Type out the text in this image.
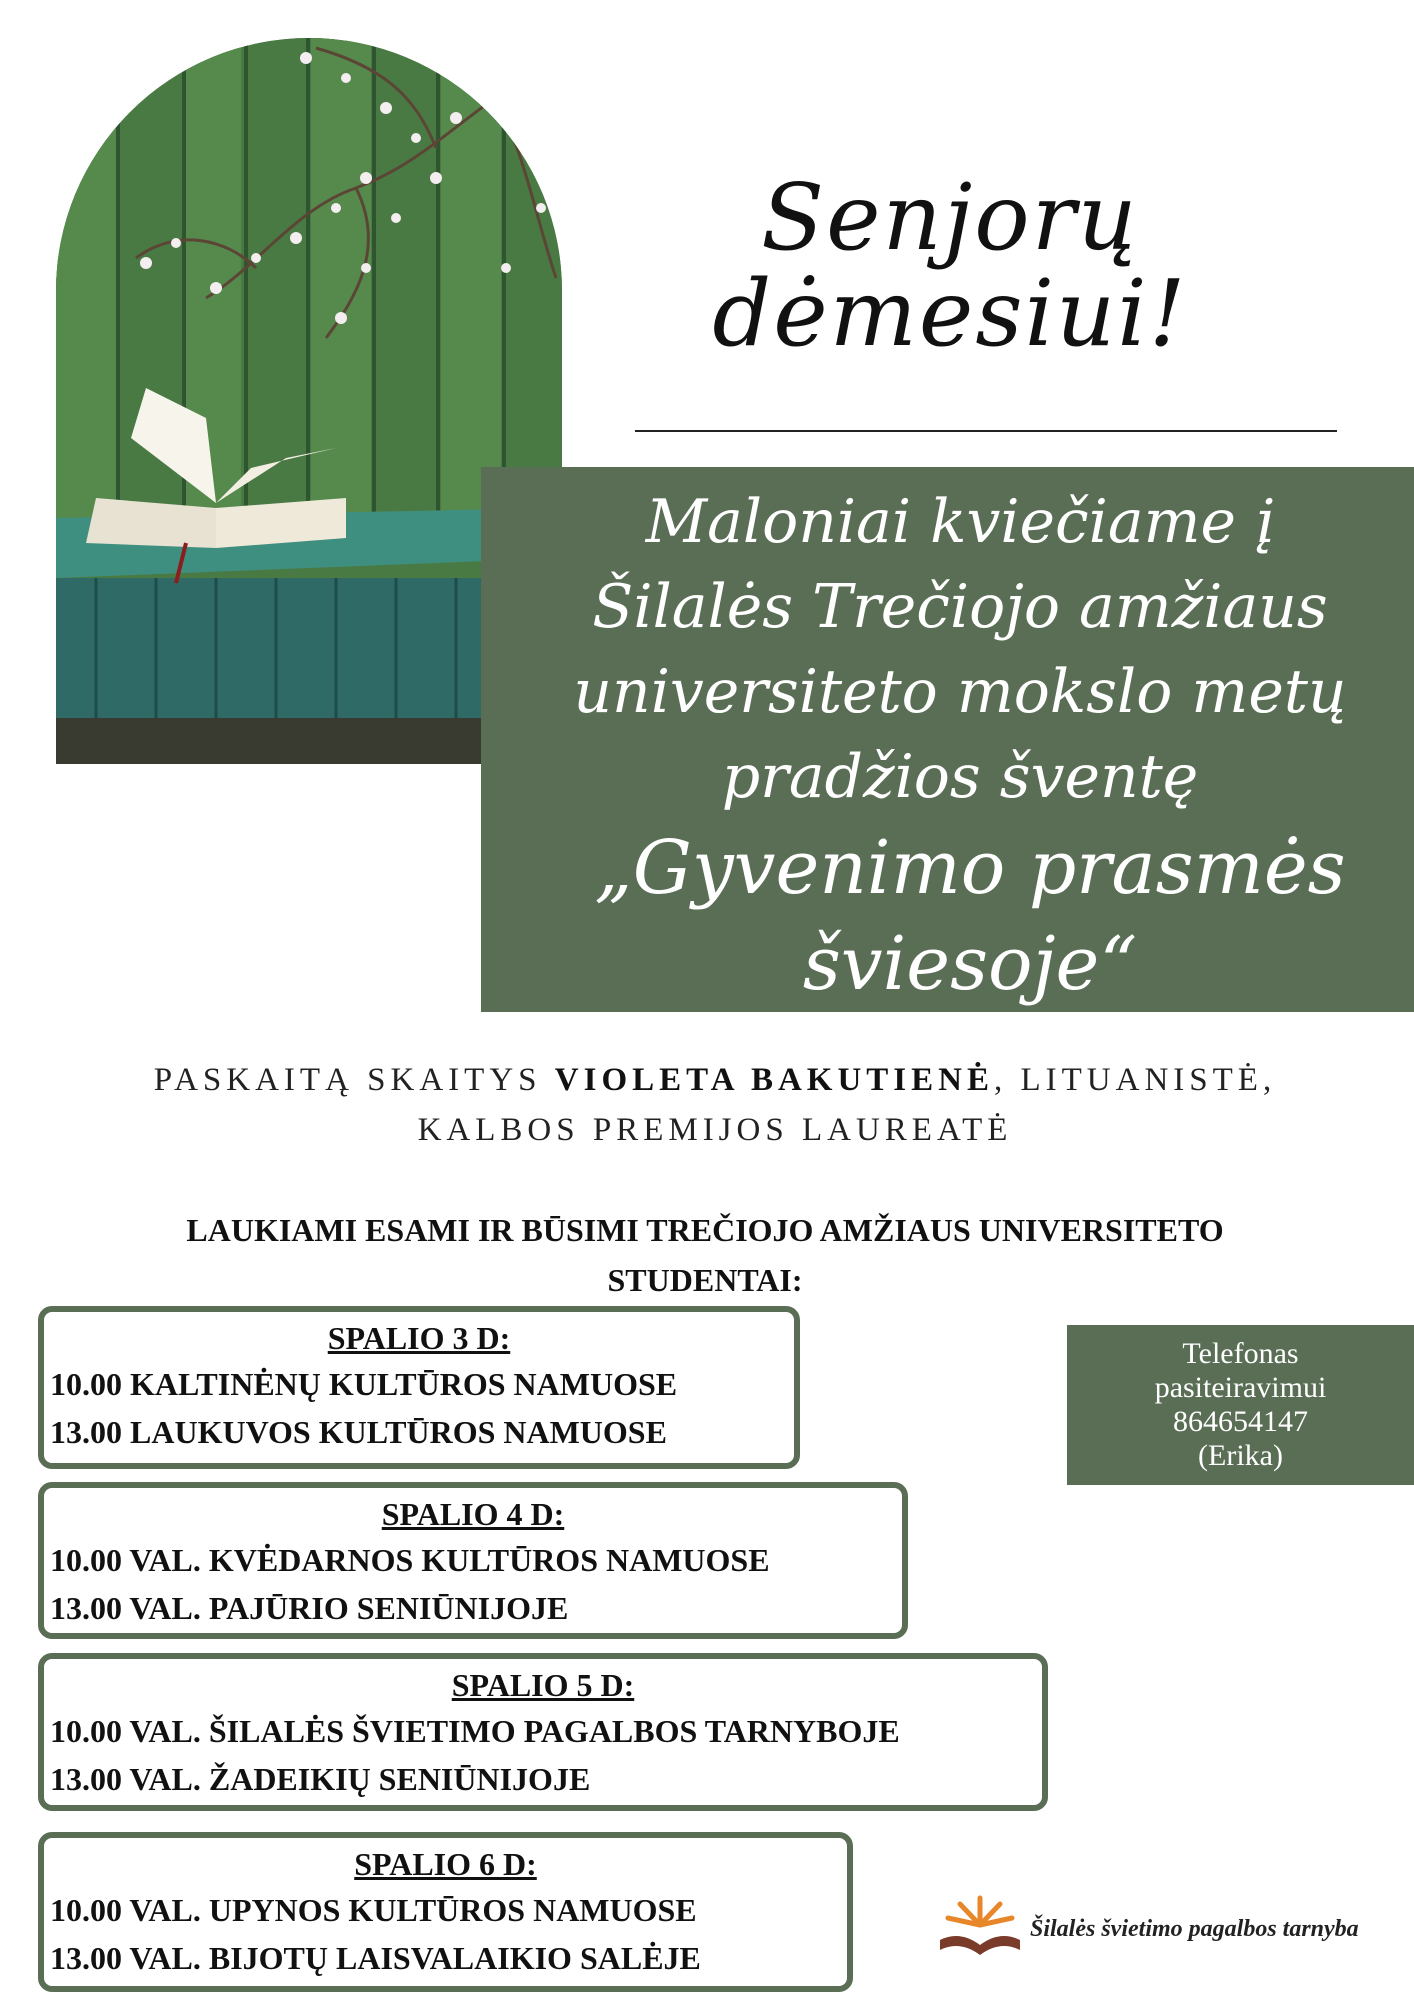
Senjorų
dėmesiui!
Maloniai kviečiame į
Šilalės Trečiojo amžiaus
universiteto mokslo metų
pradžios šventę
„Gyvenimo prasmės
šviesoje“
PASKAITĄ SKAITYS VIOLETA BAKUTIENĖ, LITUANISTĖ,
KALBOS PREMIJOS LAUREATĖ
LAUKIAMI ESAMI IR BŪSIMI TREČIOJO AMŽIAUS UNIVERSITETO
STUDENTAI:
SPALIO 3 D:
10.00 KALTINĖNŲ KULTŪROS NAMUOSE
13.00 LAUKUVOS KULTŪROS NAMUOSE
SPALIO 4 D:
10.00 VAL. KVĖDARNOS KULTŪROS NAMUOSE
13.00 VAL. PAJŪRIO SENIŪNIJOJE
SPALIO 5 D:
10.00 VAL. ŠILALĖS ŠVIETIMO PAGALBOS TARNYBOJE
13.00 VAL. ŽADEIKIŲ SENIŪNIJOJE
SPALIO 6 D:
10.00 VAL. UPYNOS KULTŪROS NAMUOSE
13.00 VAL. BIJOTŲ LAISVALAIKIO SALĖJE
Telefonas
pasiteiravimui
864654147
(Erika)
Šilalės švietimo pagalbos tarnyba
